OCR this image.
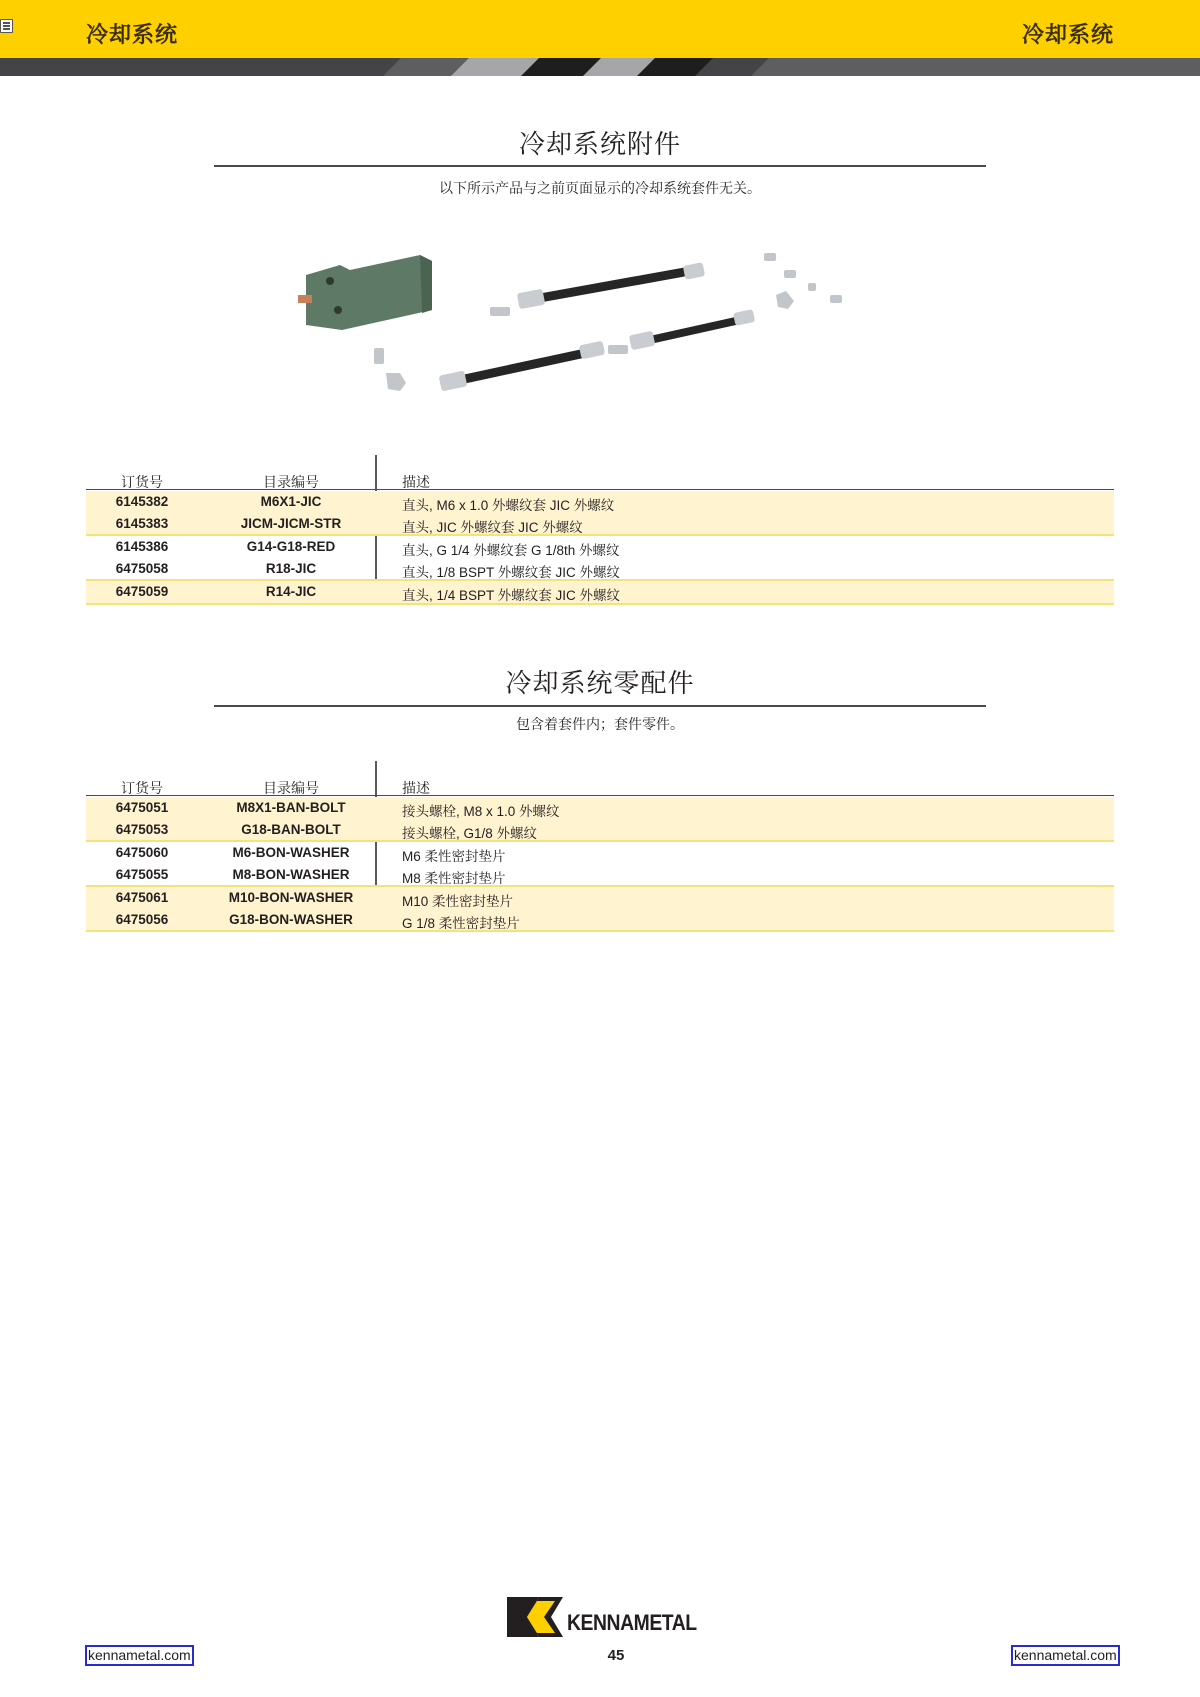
冷却系统	冷却系统
冷却系统附件
以下所示产品与之前页面显示的冷却系统套件无关。
订货号	目录编号	描述
6145382	M6X1-JIC	直头, M6 x 1.0 外螺纹套 JIC 外螺纹
6145383	JICM-JICM-STR	直头, JIC 外螺纹套 JIC 外螺纹
6145386	G14-G18-RED	直头, G 1/4 外螺纹套 G 1/8th 外螺纹
6475058	R18-JIC	直头, 1/8 BSPT 外螺纹套 JIC 外螺纹
6475059	R14-JIC	直头, 1/4 BSPT 外螺纹套 JIC 外螺纹
冷却系统零配件
包含着套件内；套件零件。
订货号	目录编号	描述
6475051	M8X1-BAN-BOLT	接头螺栓, M8 x 1.0 外螺纹
6475053	G18-BAN-BOLT	接头螺栓, G1/8 外螺纹
6475060	M6-BON-WASHER	M6 柔性密封垫片
6475055	M8-BON-WASHER	M8 柔性密封垫片
6475061	M10-BON-WASHER	M10 柔性密封垫片
6475056	G18-BON-WASHER	G 1/8 柔性密封垫片
KENNAMETAL
45
kennametal.com	kennametal.com
